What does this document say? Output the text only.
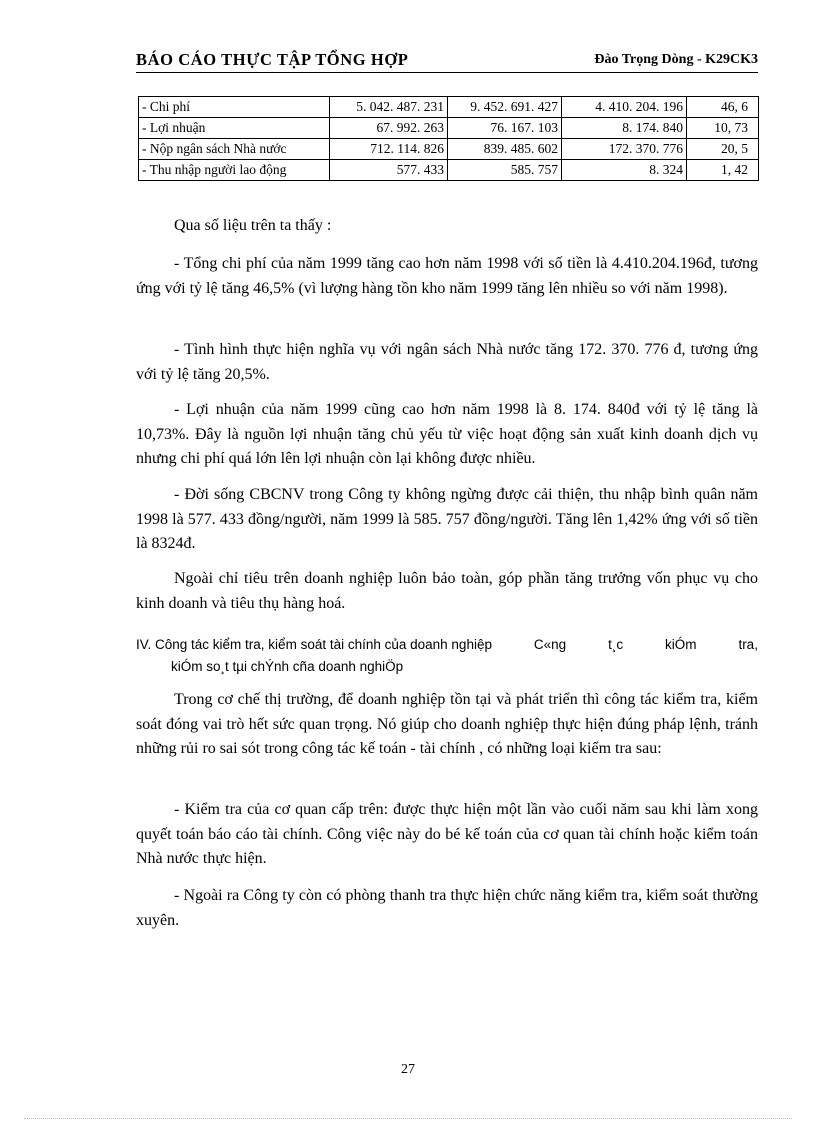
BÁO CÁO THỰC TẬP TỔNG HỢP	Đào Trọng Dòng - K29CK3
- Chi phí	5. 042. 487. 231	9. 452. 691. 427	4. 410. 204. 196	46, 6
- Lợi nhuận	67. 992. 263	76. 167. 103	8. 174. 840	10, 73
- Nộp ngân sách Nhà nước	712. 114. 826	839. 485. 602	172. 370. 776	20, 5
- Thu nhập người lao động	577. 433	585. 757	8. 324	1, 42
Qua số liệu trên ta thấy :
- Tổng chi phí của năm 1999 tăng cao hơn năm 1998 với số tiền là 4.410.204.196đ, tương ứng với tỷ lệ tăng 46,5% (vì lượng hàng tồn kho năm 1999 tăng lên nhiều so với năm 1998).
- Tình hình thực hiện nghĩa vụ với ngân sách Nhà nước tăng 172. 370. 776 đ, tương ứng với tỷ lệ tăng 20,5%.
- Lợi nhuận của năm 1999 cũng cao hơn năm 1998 là 8. 174. 840đ với tỷ lệ tăng là 10,73%. Đây là nguồn lợi nhuận tăng chủ yếu từ việc hoạt động sản xuất kinh doanh dịch vụ nhưng chi phí quá lớn lên lợi nhuận còn lại không được nhiều.
- Đời sống CBCNV trong Công ty không ngừng được cải thiện, thu nhập bình quân năm 1998 là 577. 433 đồng/người, năm 1999 là 585. 757 đồng/người. Tăng lên 1,42% ứng với số tiền là 8324đ.
Ngoài chỉ tiêu trên doanh nghiệp luôn bảo toàn, góp phần tăng trưởng vốn phục vụ cho kinh doanh và tiêu thụ hàng hoá.
IV. Công tác kiểm tra, kiểm soát tài chính của doanh nghiệp	C«ng	t¸c	kiÓm	tra,
kiÓm so¸t tµi chÝnh cña doanh nghiÖp
Trong cơ chế thị trường, để doanh nghiệp tồn tại và phát triển thì công tác kiểm tra, kiểm soát đóng vai trò hết sức quan trọng. Nó giúp cho doanh nghiệp thực hiện đúng pháp lệnh, tránh những rủi ro sai sót trong công tác kế toán - tài chính , có những loại kiểm tra sau:
- Kiểm tra của cơ quan cấp trên: được thực hiện một lần vào cuối năm sau khi làm xong quyết toán báo cáo tài chính. Công việc này do bé kế toán của cơ quan tài chính hoặc kiểm toán Nhà nước thực hiện.
- Ngoài ra Công ty còn có phòng thanh tra thực hiện chức năng kiểm tra, kiểm soát thường xuyên.
27
